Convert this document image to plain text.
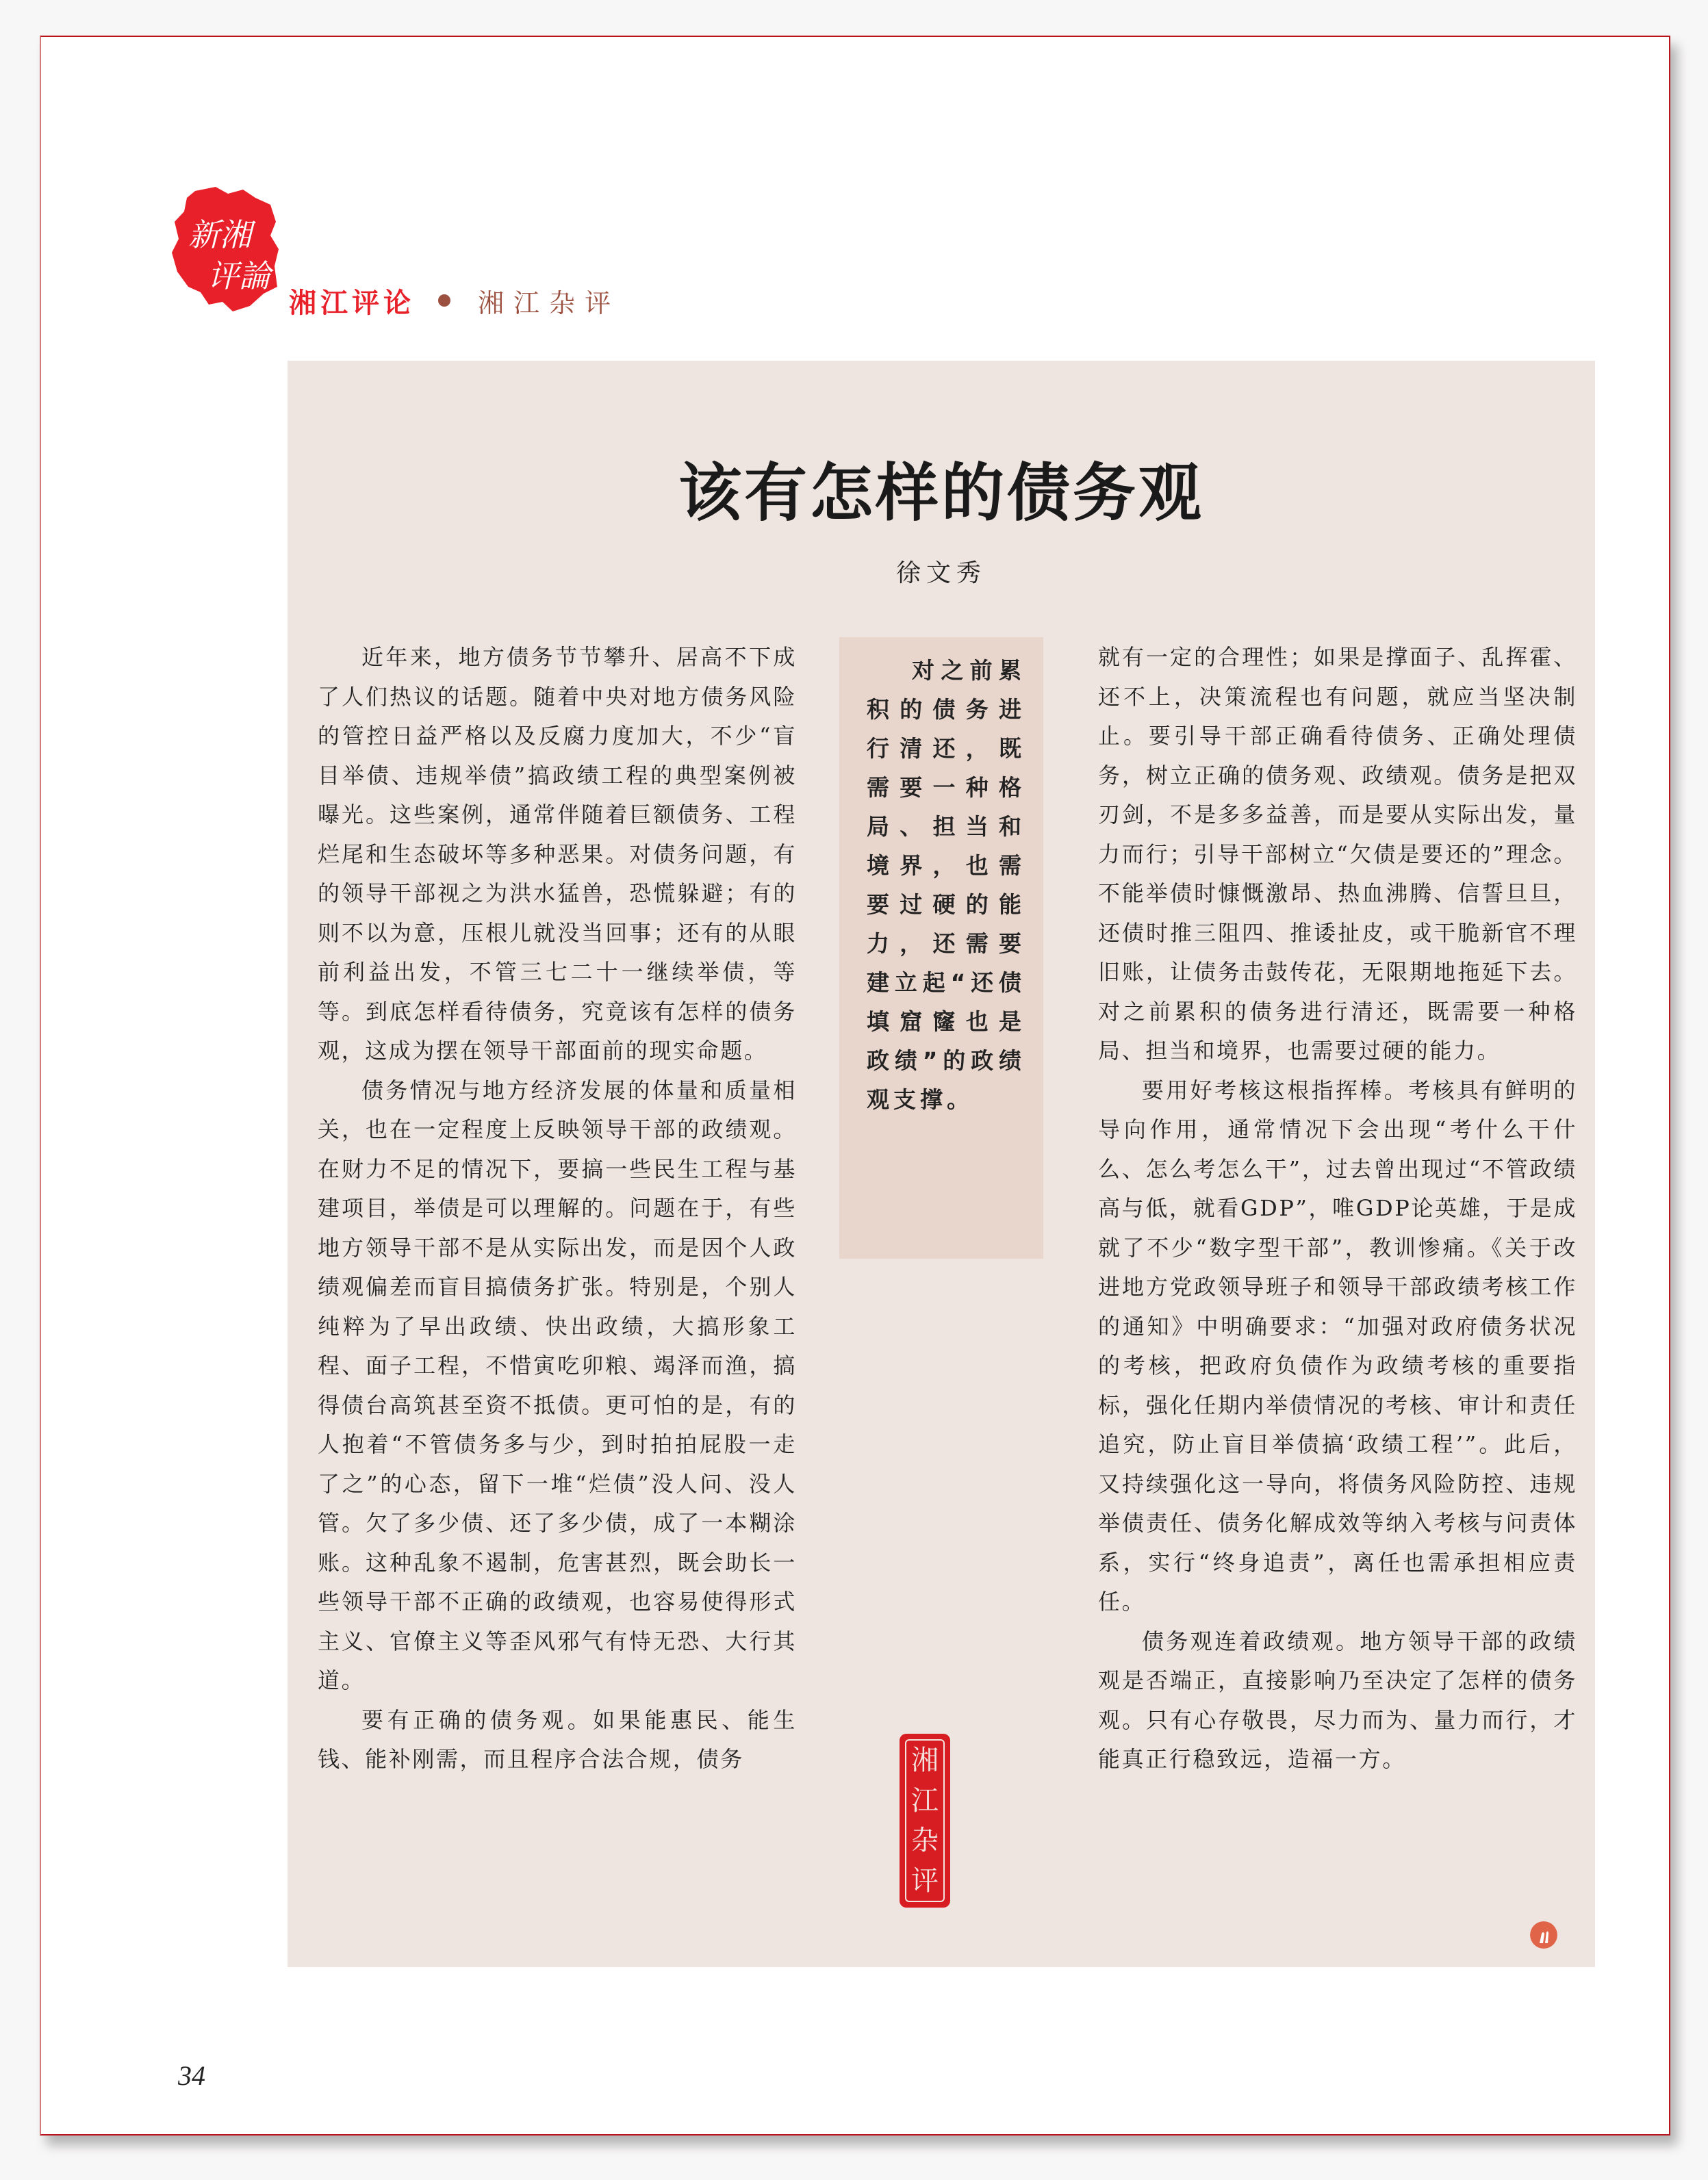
新湘
评論
湘江评论 湘江杂评
该有怎样的债务观
徐文秀

近年来，地方债务节节攀升、居高不下成了人们热议的话题。随着中央对地方债务风险的管控日益严格以及反腐力度加大，不少“盲目举债、违规举债”搞政绩工程的典型案例被曝光。这些案例，通常伴随着巨额债务、工程烂尾和生态破坏等多种恶果。对债务问题，有的领导干部视之为洪水猛兽，恐慌躲避；有的则不以为意，压根儿就没当回事；还有的从眼前利益出发，不管三七二十一继续举债，等等。到底怎样看待债务，究竟该有怎样的债务观，这成为摆在领导干部面前的现实命题。

债务情况与地方经济发展的体量和质量相关，也在一定程度上反映领导干部的政绩观。在财力不足的情况下，要搞一些民生工程与基建项目，举债是可以理解的。问题在于，有些地方领导干部不是从实际出发，而是因个人政绩观偏差而盲目搞债务扩张。特别是，个别人纯粹为了早出政绩、快出政绩，大搞形象工程、面子工程，不惜寅吃卯粮、竭泽而渔，搞得债台高筑甚至资不抵债。更可怕的是，有的人抱着“不管债务多与少，到时拍拍屁股一走了之”的心态，留下一堆“烂债”没人问、没人管。欠了多少债、还了多少债，成了一本糊涂账。这种乱象不遏制，危害甚烈，既会助长一些领导干部不正确的政绩观，也容易使得形式主义、官僚主义等歪风邪气有恃无恐、大行其道。

要有正确的债务观。如果能惠民、能生钱、能补刚需，而且程序合法合规，债务

对之前累积的债务进行清还，既需要一种格局、担当和境界，也需要过硬的能力，还需要建立起“还债填窟窿也是政绩”的政绩观支撑。

就有一定的合理性；如果是撑面子、乱挥霍、还不上，决策流程也有问题，就应当坚决制止。要引导干部正确看待债务、正确处理债务，树立正确的债务观、政绩观。债务是把双刃剑，不是多多益善，而是要从实际出发，量力而行；引导干部树立“欠债是要还的”理念。不能举债时慷慨激昂、热血沸腾、信誓旦旦，还债时推三阻四、推诿扯皮，或干脆新官不理旧账，让债务击鼓传花，无限期地拖延下去。对之前累积的债务进行清还，既需要一种格局、担当和境界，也需要过硬的能力。

要用好考核这根指挥棒。考核具有鲜明的导向作用，通常情况下会出现“考什么干什么、怎么考怎么干”，过去曾出现过“不管政绩高与低，就看GDP”，唯GDP论英雄，于是成就了不少“数字型干部”，教训惨痛。《关于改进地方党政领导班子和领导干部政绩考核工作的通知》中明确要求：“加强对政府债务状况的考核，把政府负债作为政绩考核的重要指标，强化任期内举债情况的考核、审计和责任追究，防止盲目举债搞‘政绩工程’”。此后，又持续强化这一导向，将债务风险防控、违规举债责任、债务化解成效等纳入考核与问责体系，实行“终身追责”，离任也需承担相应责任。

债务观连着政绩观。地方领导干部的政绩观是否端正，直接影响乃至决定了怎样的债务观。只有心存敬畏，尽力而为、量力而行，才能真正行稳致远，造福一方。

湘
江
杂
评
34
